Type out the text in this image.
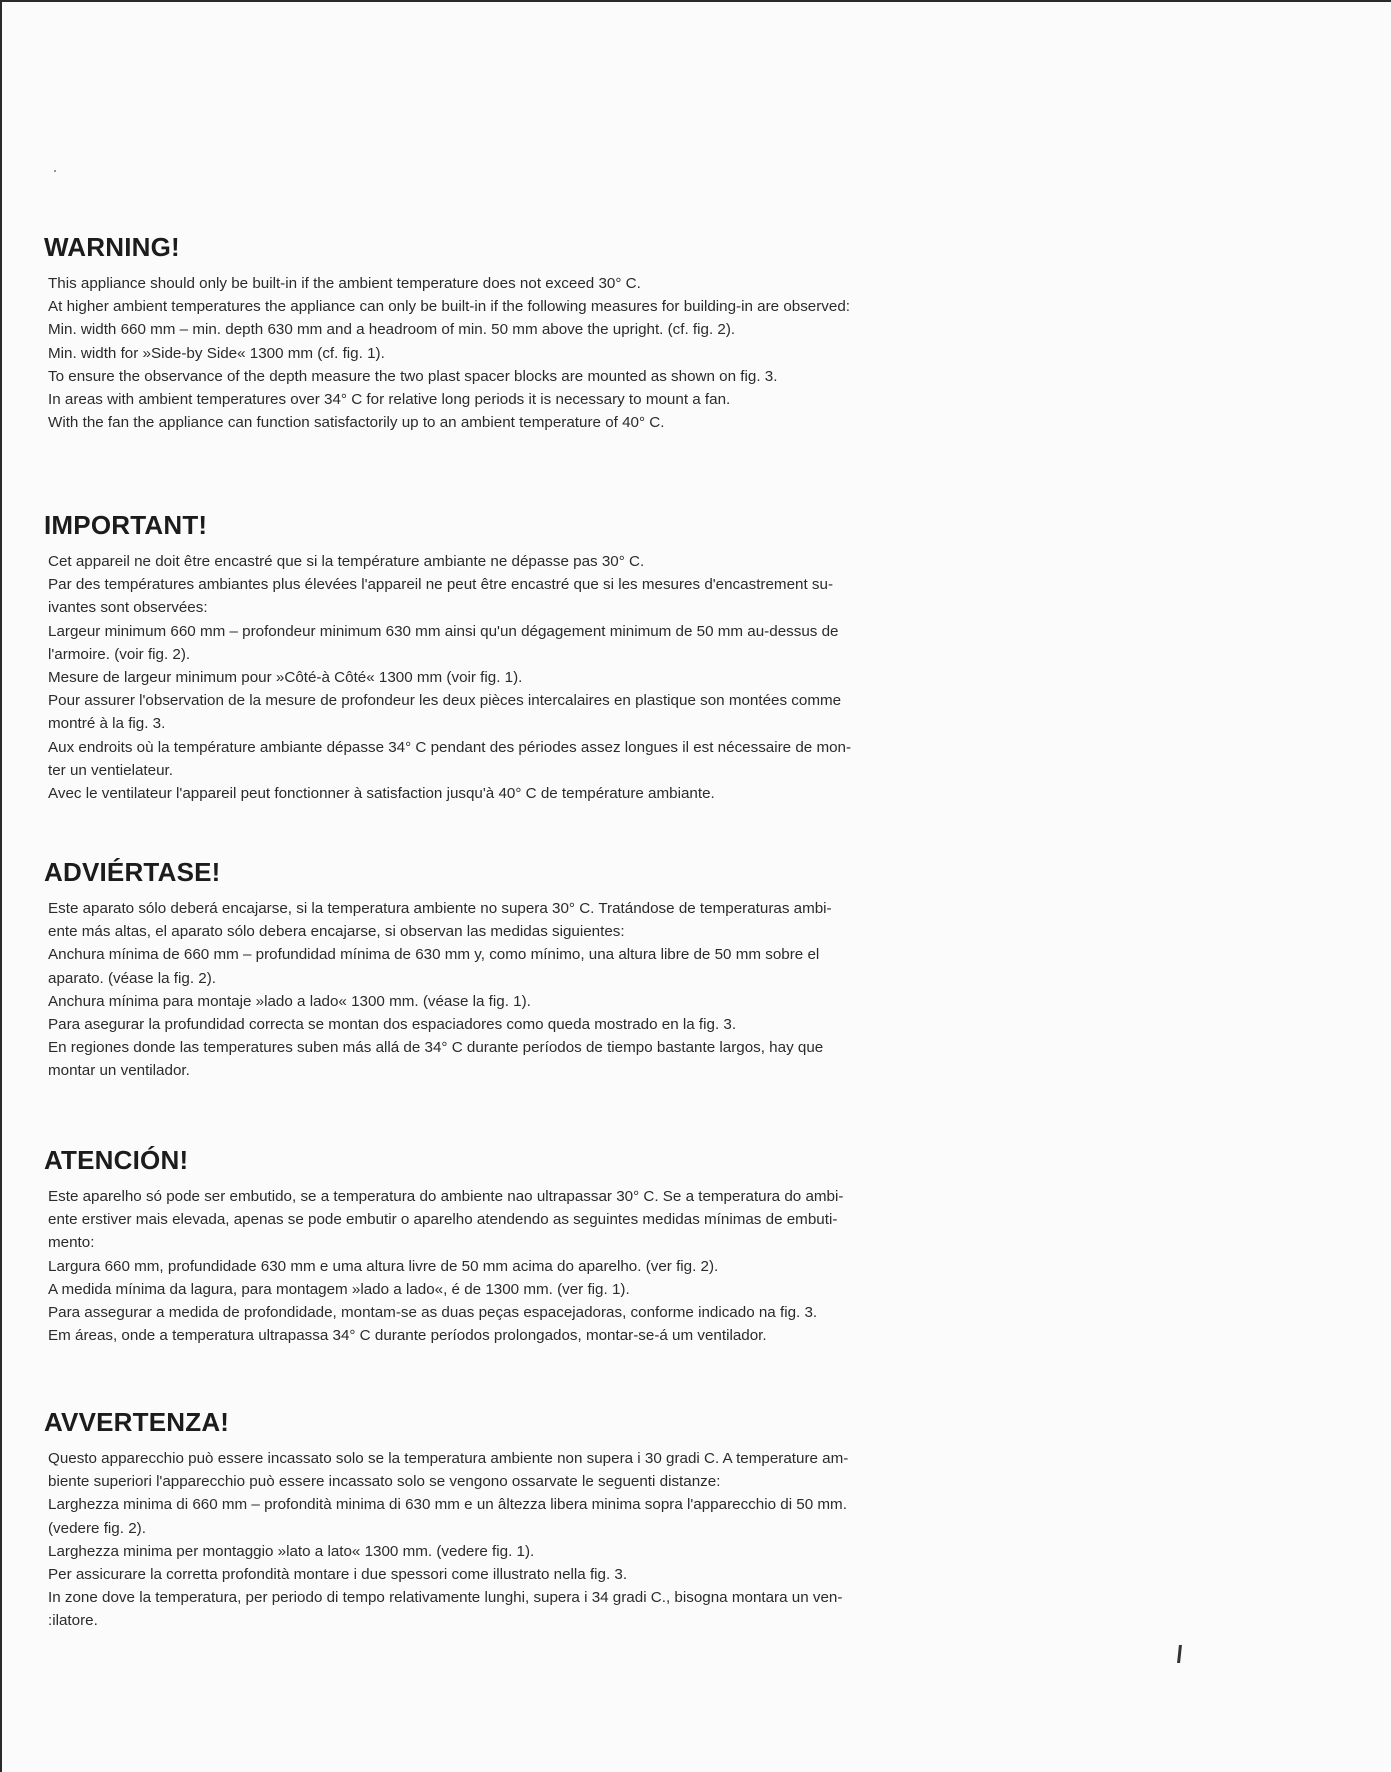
WARNING!

This appliance should only be built-in if the ambient temperature does not exceed 30° C.
At higher ambient temperatures the appliance can only be built-in if the following measures for building-in are observed:
Min. width 660 mm – min. depth 630 mm and a headroom of min. 50 mm above the upright. (cf. fig. 2).
Min. width for »Side-by Side« 1300 mm (cf. fig. 1).
To ensure the observance of the depth measure the two plast spacer blocks are mounted as shown on fig. 3.
In areas with ambient temperatures over 34° C for relative long periods it is necessary to mount a fan.
With the fan the appliance can function satisfactorily up to an ambient temperature of 40° C.

IMPORTANT!

Cet appareil ne doit être encastré que si la température ambiante ne dépasse pas 30° C.
Par des températures ambiantes plus élevées l'appareil ne peut être encastré que si les mesures d'encastrement su-
ivantes sont observées:
Largeur minimum 660 mm – profondeur minimum 630 mm ainsi qu'un dégagement minimum de 50 mm au-dessus de
l'armoire. (voir fig. 2).
Mesure de largeur minimum pour »Côté-à Côté« 1300 mm (voir fig. 1).
Pour assurer l'observation de la mesure de profondeur les deux pièces intercalaires en plastique son montées comme
montré à la fig. 3.
Aux endroits où la température ambiante dépasse 34° C pendant des périodes assez longues il est nécessaire de mon-
ter un ventielateur.
Avec le ventilateur l'appareil peut fonctionner à satisfaction jusqu'à 40° C de température ambiante.

ADVIÉRTASE!

Este aparato sólo deberá encajarse, si la temperatura ambiente no supera 30° C. Tratándose de temperaturas ambi-
ente más altas, el aparato sólo debera encajarse, si observan las medidas siguientes:
Anchura mínima de 660 mm – profundidad mínima de 630 mm y, como mínimo, una altura libre de 50 mm sobre el
aparato. (véase la fig. 2).
Anchura mínima para montaje »lado a lado« 1300 mm. (véase la fig. 1).
Para asegurar la profundidad correcta se montan dos espaciadores como queda mostrado en la fig. 3.
En regiones donde las temperatures suben más allá de 34° C durante períodos de tiempo bastante largos, hay que
montar un ventilador.

ATENCIÓN!

Este aparelho só pode ser embutido, se a temperatura do ambiente nao ultrapassar 30° C. Se a temperatura do ambi-
ente erstiver mais elevada, apenas se pode embutir o aparelho atendendo as seguintes medidas mínimas de embuti-
mento:
Largura 660 mm, profundidade 630 mm e uma altura livre de 50 mm acima do aparelho. (ver fig. 2).
A medida mínima da lagura, para montagem »lado a lado«, é de 1300 mm. (ver fig. 1).
Para assegurar a medida de profondidade, montam-se as duas peças espacejadoras, conforme indicado na fig. 3.
Em áreas, onde a temperatura ultrapassa 34° C durante períodos prolongados, montar-se-á um ventilador.

AVVERTENZA!

Questo apparecchio può essere incassato solo se la temperatura ambiente non supera i 30 gradi C. A temperature am-
biente superiori l'apparecchio può essere incassato solo se vengono ossarvate le seguenti distanze:
Larghezza minima di 660 mm – profondità minima di 630 mm e un âltezza libera minima sopra l'apparecchio di 50 mm.
(vedere fig. 2).
Larghezza minima per montaggio »lato a lato« 1300 mm. (vedere fig. 1).
Per assicurare la corretta profondità montare i due spessori come illustrato nella fig. 3.
In zone dove la temperatura, per periodo di tempo relativamente lunghi, supera i 34 gradi C., bisogna montara un ven-
:ilatore.
